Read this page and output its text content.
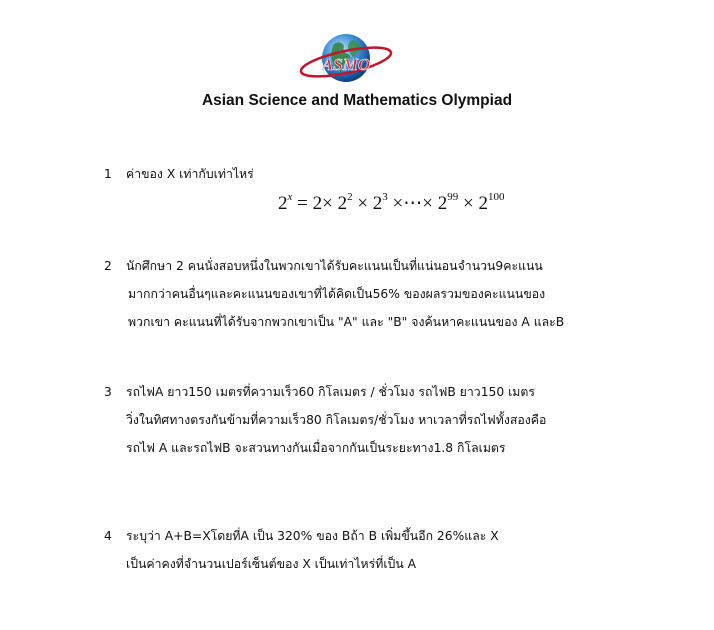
ASMO
Asian Science and Mathematics Olympiad
1	ค่าของ X เท่ากับเท่าไหร่
$2^x = 2\times 2^2 \times 2^3$ ×⋯× $2^{99} \times 2^{100}$
2	นักศึกษา 2 คนนั่งสอบหนึ่งในพวกเขาได้รับคะแนนเป็นที่แน่นอนจำนวน9คะแนน
มากกว่าคนอื่นๆและคะแนนของเขาที่ได้คิดเป็น56% ของผลรวมของคะแนนของ
พวกเขา คะแนนที่ได้รับจากพวกเขาเป็น "A" และ "B" จงค้นหาคะแนนของ A และB
3	รถไฟA ยาว150 เมตรที่ความเร็ว60 กิโลเมตร / ชั่วโมง รถไฟB ยาว150 เมตร
วิ่งในทิศทางตรงกันข้ามที่ความเร็ว80 กิโลเมตร/ชั่วโมง หาเวลาที่รถไฟทั้งสองคือ
รถไฟ A และรถไฟB จะสวนทางกันเมื่อจากกันเป็นระยะทาง1.8 กิโลเมตร
4	ระบุว่า A+B=Xโดยที่A เป็น 320% ของ Bถ้า B เพิ่มขึ้นอีก 26%และ X
เป็นค่าคงที่จำนวนเปอร์เซ็นต์ของ X เป็นเท่าไหร่ที่เป็น A
